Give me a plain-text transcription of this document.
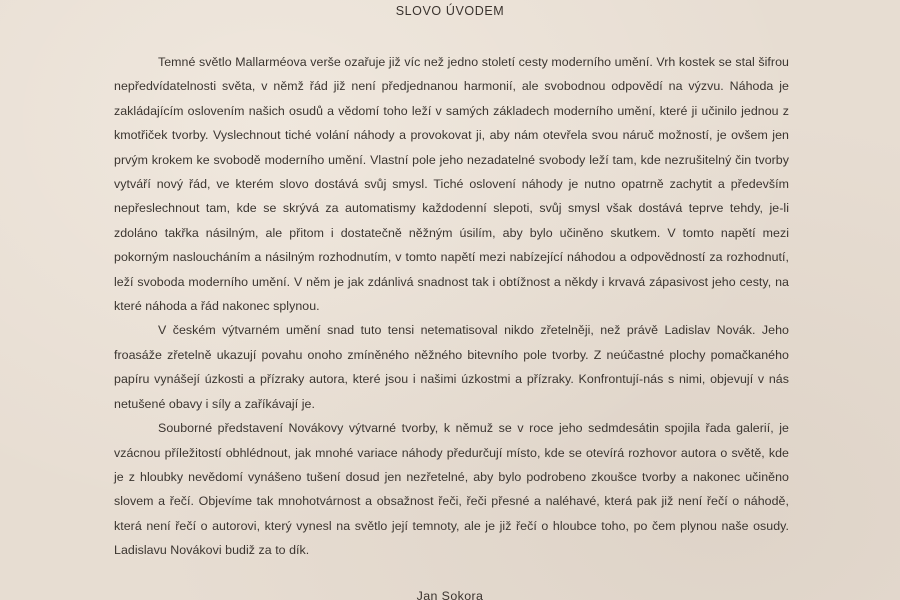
SLOVO ÚVODEM

Temné světlo Mallarméova verše ozařuje již víc než jedno století cesty moderního umění. Vrh kostek se stal šifrou nepředvídatelnosti světa, v němž řád již není předjednanou harmonií, ale svobodnou odpovědí na výzvu. Náhoda je zakládajícím oslovením našich osudů a vědomí toho leží v samých základech moderního umění, které ji učinilo jednou z kmotřiček tvorby. Vyslechnout tiché volání náhody a provokovat ji, aby nám otevřela svou náruč možností, je ovšem jen prvým krokem ke svobodě moderního umění. Vlastní pole jeho nezadatelné svobody leží tam, kde nezrušitelný čin tvorby vytváří nový řád, ve kterém slovo dostává svůj smysl. Tiché oslovení náhody je nutno opatrně zachytit a především nepřeslechnout tam, kde se skrývá za automatismy každodenní slepoti, svůj smysl však dostává teprve tehdy, je-li zdoláno takřka násilným, ale přitom i dostatečně něžným úsilím, aby bylo učiněno skutkem. V tomto napětí mezi pokorným nasloucháním a násilným rozhodnutím, v tomto napětí mezi nabízející náhodou a odpovědností za rozhodnutí, leží svoboda moderního umění. V něm je jak zdánlivá snadnost tak i obtížnost a někdy i krvavá zápasivost jeho cesty, na které náhoda a řád nakonec splynou.

V českém výtvarném umění snad tuto tensi netematisoval nikdo zřetelněji, než právě Ladislav Novák. Jeho froasáže zřetelně ukazují povahu onoho zmíněného něžného bitevního pole tvorby. Z neúčastné plochy pomačkaného papíru vynášejí úzkosti a přízraky autora, které jsou i našimi úzkostmi a přízraky. Konfrontují-nás s nimi, objevují v nás netušené obavy i síly a zaříkávají je.

Souborné představení Novákovy výtvarné tvorby, k němuž se v roce jeho sedmdesátin spojila řada galerií, je vzácnou příležitostí obhlédnout, jak mnohé variace náhody předurčují místo, kde se otevírá rozhovor autora o světě, kde je z hloubky nevědomí vynášeno tušení dosud jen nezřetelné, aby bylo podrobeno zkoušce tvorby a nakonec učiněno slovem a řečí. Objevíme tak mnohotvárnost a obsažnost řeči, řeči přesné a naléhavé, která pak již není řečí o náhodě, která není řečí o autorovi, který vynesl na světlo její temnoty, ale je již řečí o hloubce toho, po čem plynou naše osudy. Ladislavu Novákovi budiž za to dík.

Jan Sokora
